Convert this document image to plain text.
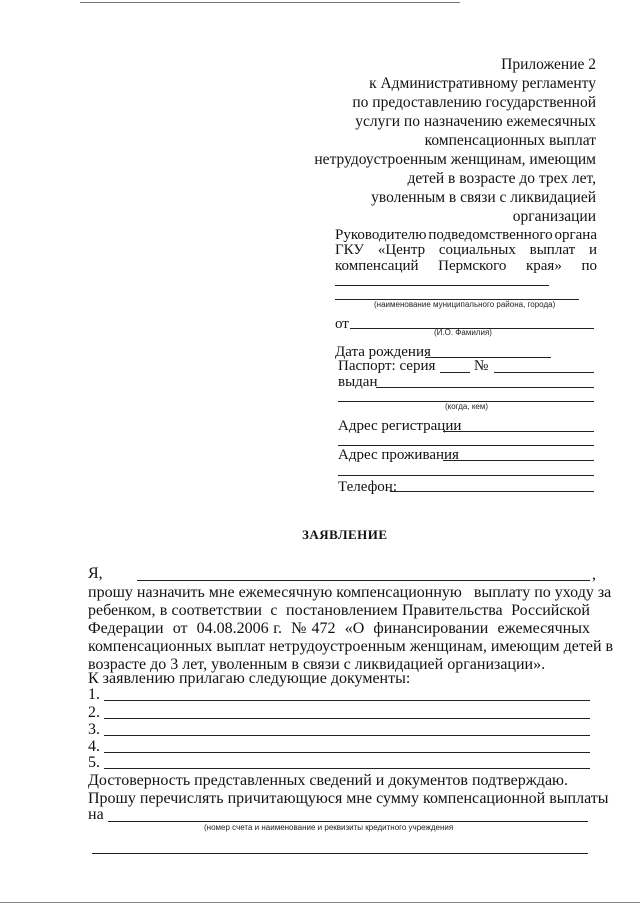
Приложение 2
к Административному регламенту
по предоставлению государственной
услуги по назначению ежемесячных
компенсационных выплат
нетрудоустроенным женщинам, имеющим
детей в возрасте до трех лет,
уволенным в связи с ликвидацией
организации
Руководителю подведомственного органа
ГКУ «Центр социальных выплат и
компенсаций Пермского края» по
(наименование муниципального района, города)
от
(И.О. Фамилия)
Дата рождения
Паспорт: серия	№
выдан
(когда, кем)
Адрес регистрации
Адрес проживания
Телефон:
ЗАЯВЛЕНИЕ
Я,	,
прошу назначить мне ежемесячную компенсационную   выплату по уходу за
ребенком, в соответствии  с  постановлением Правительства  Российской
Федерации  от  04.08.2006 г.  № 472  «О  финансировании  ежемесячных
компенсационных выплат нетрудоустроенным женщинам, имеющим детей в
возрасте до 3 лет, уволенным в связи с ликвидацией организации».
К заявлению прилагаю следующие документы:
1.
2.
3.
4.
5.
Достоверность представленных сведений и документов подтверждаю.
Прошу перечислять причитающуюся мне сумму компенсационной выплаты
на
(номер счета и наименование и реквизиты кредитного учреждения
